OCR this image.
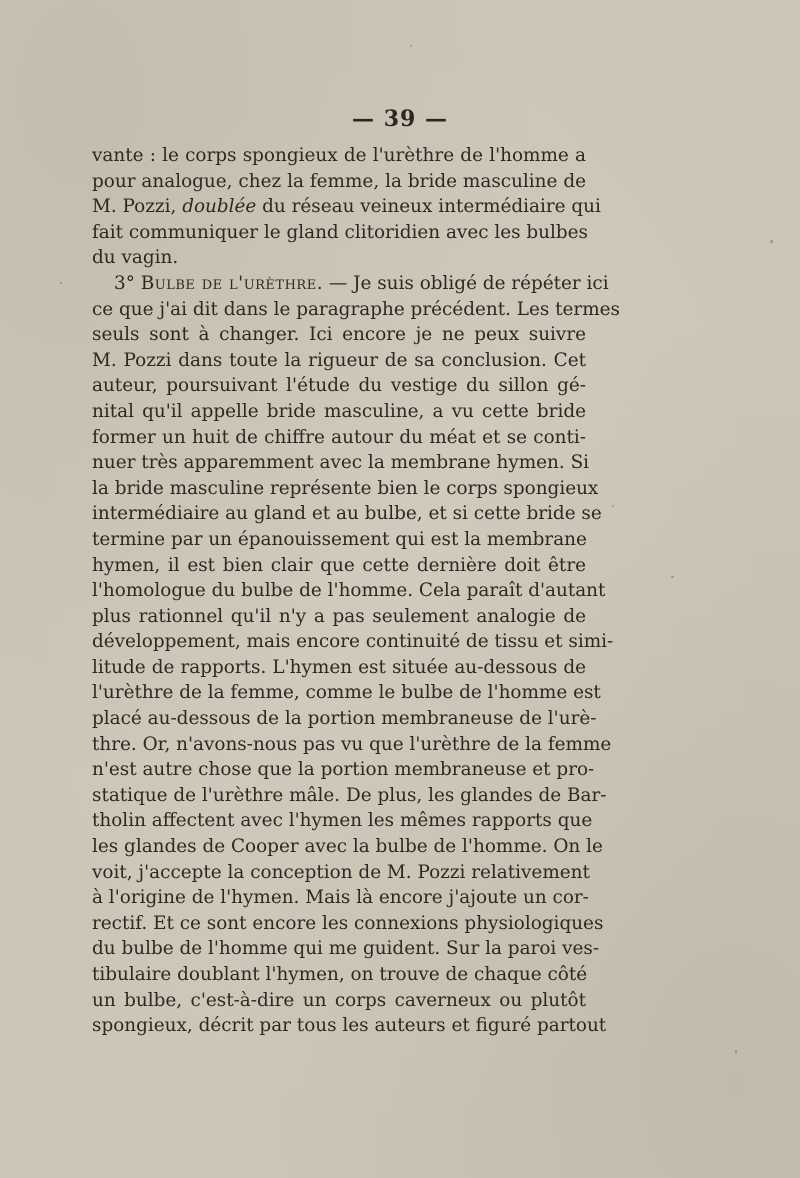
— 39 —
vante : le corps spongieux de l'urèthre de l'homme a
pour analogue, chez la femme, la bride masculine de
M. Pozzi, doublée du réseau veineux intermédiaire qui
fait communiquer le gland clitoridien avec les bulbes
du vagin.
3° Bulbe de l'urèthre. — Je suis obligé de répéter ici
ce que j'ai dit dans le paragraphe précédent. Les termes
seuls sont à changer. Ici encore je ne peux suivre
M. Pozzi dans toute la rigueur de sa conclusion. Cet
auteur, poursuivant l'étude du vestige du sillon gé-
nital qu'il appelle bride masculine, a vu cette bride
former un huit de chiffre autour du méat et se conti-
nuer très apparemment avec la membrane hymen. Si
la bride masculine représente bien le corps spongieux
intermédiaire au gland et au bulbe, et si cette bride se
termine par un épanouissement qui est la membrane
hymen, il est bien clair que cette dernière doit être
l'homologue du bulbe de l'homme. Cela paraît d'autant
plus rationnel qu'il n'y a pas seulement analogie de
développement, mais encore continuité de tissu et simi-
litude de rapports. L'hymen est située au-dessous de
l'urèthre de la femme, comme le bulbe de l'homme est
placé au-dessous de la portion membraneuse de l'urè-
thre. Or, n'avons-nous pas vu que l'urèthre de la femme
n'est autre chose que la portion membraneuse et pro-
statique de l'urèthre mâle. De plus, les glandes de Bar-
tholin affectent avec l'hymen les mêmes rapports que
les glandes de Cooper avec la bulbe de l'homme. On le
voit, j'accepte la conception de M. Pozzi relativement
à l'origine de l'hymen. Mais là encore j'ajoute un cor-
rectif. Et ce sont encore les connexions physiologiques
du bulbe de l'homme qui me guident. Sur la paroi ves-
tibulaire doublant l'hymen, on trouve de chaque côté
un bulbe, c'est-à-dire un corps caverneux ou plutôt
spongieux, décrit par tous les auteurs et figuré partout
